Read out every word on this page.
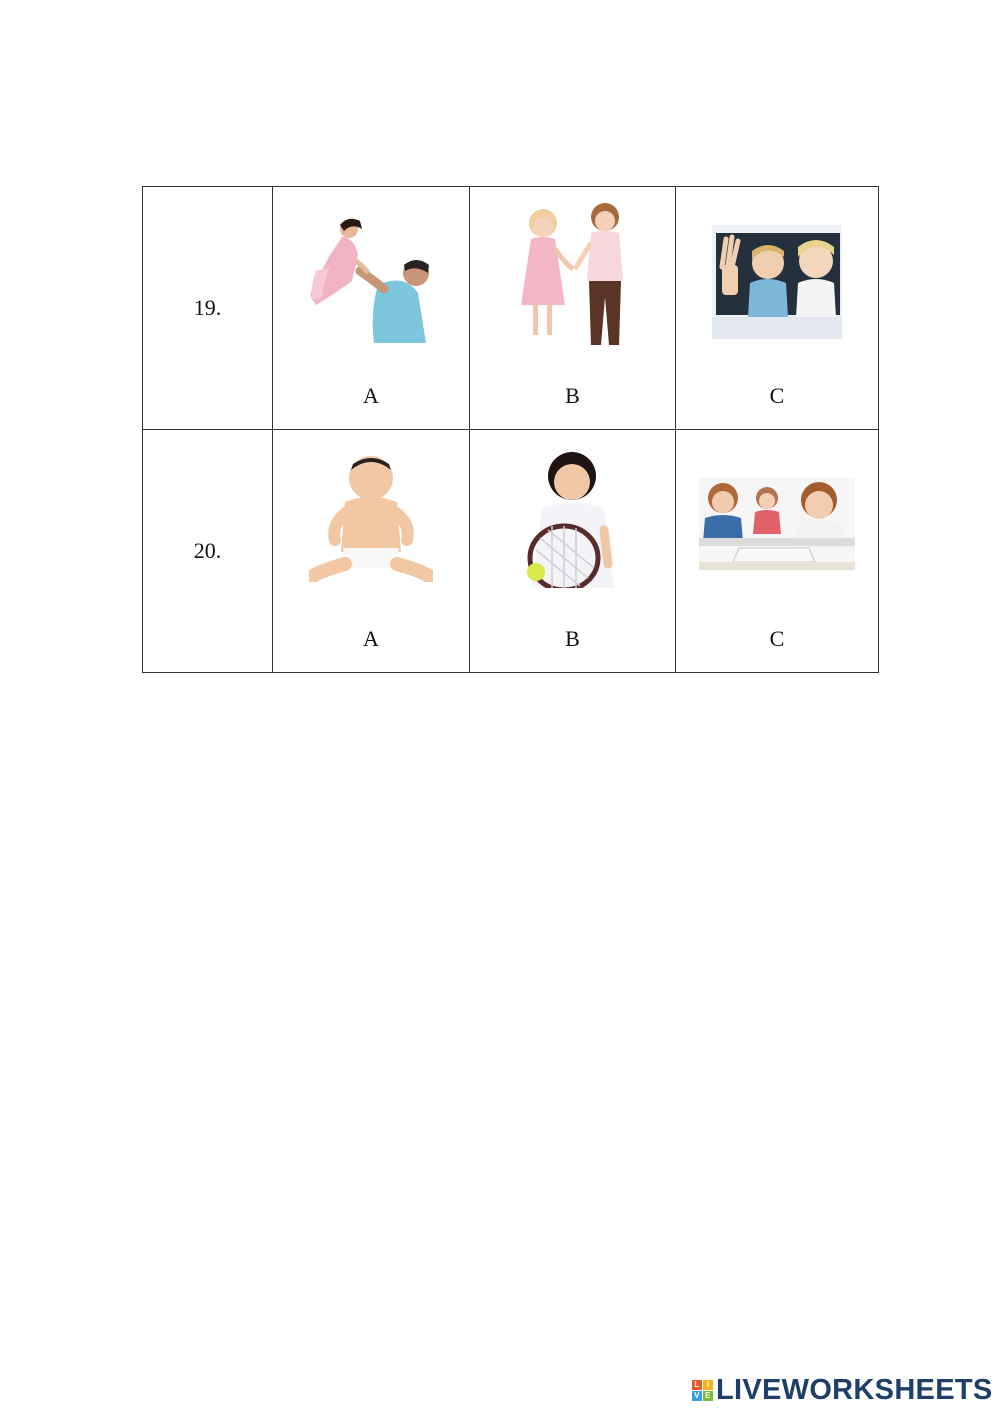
19.	A	B	C

20.	A	B	C
L I
V E LIVEWORKSHEETS
